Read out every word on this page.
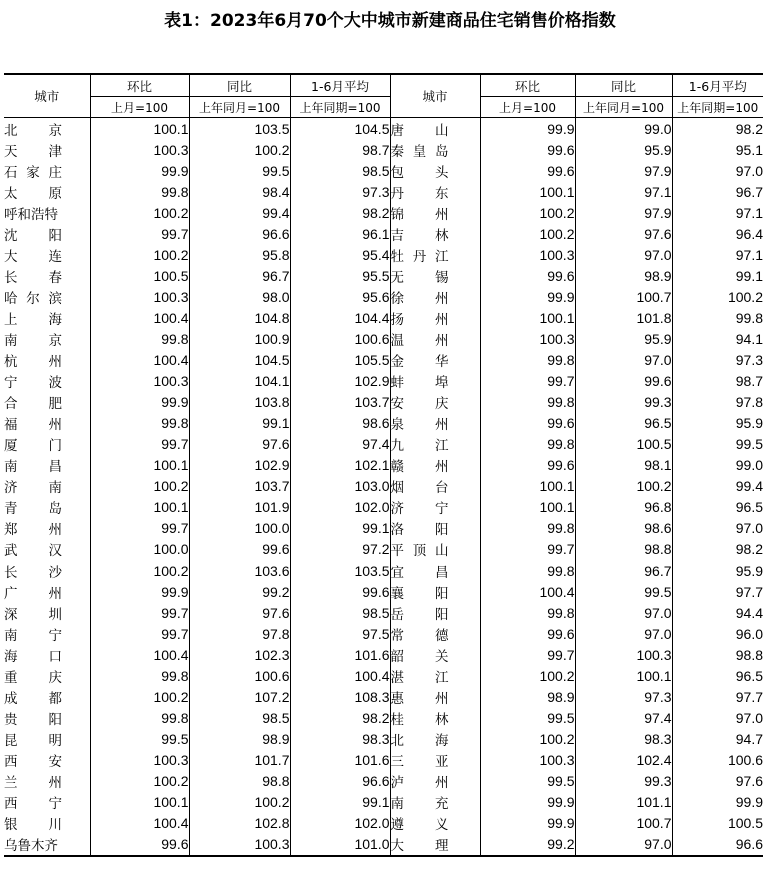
表1：2023年6月70个大中城市新建商品住宅销售价格指数
城市	环比	同比	1-6月平均	城市	环比	同比	1-6月平均
	上月=100	上年同月=100	上年同期=100		上月=100	上年同月=100	上年同期=100

北京	100.1	103.5	104.5	唐山	99.9	99.0	98.2

天津	100.3	100.2	98.7	秦皇岛	99.6	95.9	95.1

石家庄	99.9	99.5	98.5	包头	99.6	97.9	97.0

太原	99.8	98.4	97.3	丹东	100.1	97.1	96.7

呼和浩特	100.2	99.4	98.2	锦州	100.2	97.9	97.1

沈阳	99.7	96.6	96.1	吉林	100.2	97.6	96.4

大连	100.2	95.8	95.4	牡丹江	100.3	97.0	97.1

长春	100.5	96.7	95.5	无锡	99.6	98.9	99.1

哈尔滨	100.3	98.0	95.6	徐州	99.9	100.7	100.2

上海	100.4	104.8	104.4	扬州	100.1	101.8	99.8

南京	99.8	100.9	100.6	温州	100.3	95.9	94.1

杭州	100.4	104.5	105.5	金华	99.8	97.0	97.3

宁波	100.3	104.1	102.9	蚌埠	99.7	99.6	98.7

合肥	99.9	103.8	103.7	安庆	99.8	99.3	97.8

福州	99.8	99.1	98.6	泉州	99.6	96.5	95.9

厦门	99.7	97.6	97.4	九江	99.8	100.5	99.5

南昌	100.1	102.9	102.1	赣州	99.6	98.1	99.0

济南	100.2	103.7	103.0	烟台	100.1	100.2	99.4

青岛	100.1	101.9	102.0	济宁	100.1	96.8	96.5

郑州	99.7	100.0	99.1	洛阳	99.8	98.6	97.0

武汉	100.0	99.6	97.2	平顶山	99.7	98.8	98.2

长沙	100.2	103.6	103.5	宜昌	99.8	96.7	95.9

广州	99.9	99.2	99.6	襄阳	100.4	99.5	97.7

深圳	99.7	97.6	98.5	岳阳	99.8	97.0	94.4

南宁	99.7	97.8	97.5	常德	99.6	97.0	96.0

海口	100.4	102.3	101.6	韶关	99.7	100.3	98.8

重庆	99.8	100.6	100.4	湛江	100.2	100.1	96.5

成都	100.2	107.2	108.3	惠州	98.9	97.3	97.7

贵阳	99.8	98.5	98.2	桂林	99.5	97.4	97.0

昆明	99.5	98.9	98.3	北海	100.2	98.3	94.7

西安	100.3	101.7	101.6	三亚	100.3	102.4	100.6

兰州	100.2	98.8	96.6	泸州	99.5	99.3	97.6

西宁	100.1	100.2	99.1	南充	99.9	101.1	99.9

银川	100.4	102.8	102.0	遵义	99.9	100.7	100.5

乌鲁木齐	99.6	100.3	101.0	大理	99.2	97.0	96.6
